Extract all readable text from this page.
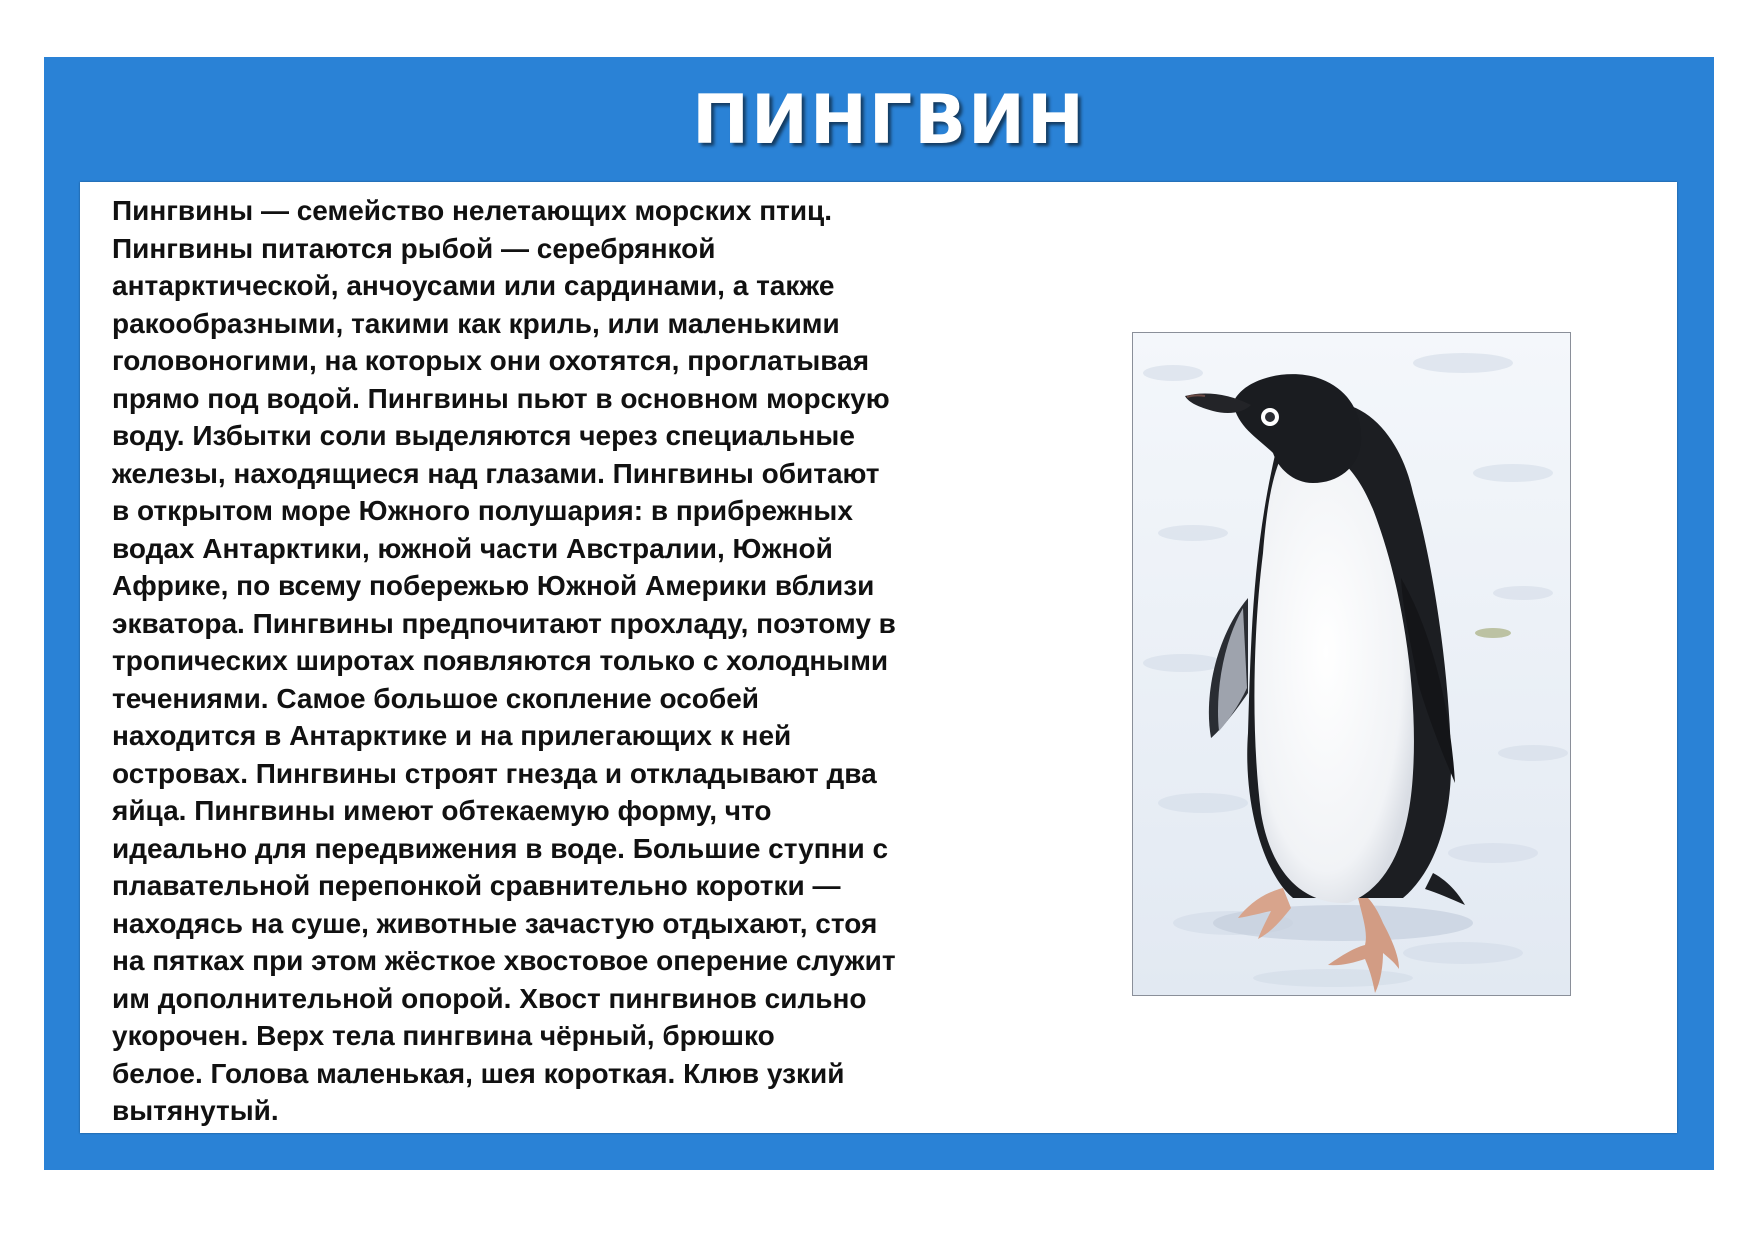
ПИНГВИН

Пингвины — семейство нелетающих морских птиц.
Пингвины питаются рыбой — серебрянкой
антарктической, анчоусами или сардинами, а также
ракообразными, такими как криль, или маленькими
головоногими, на которых они охотятся, проглатывая
прямо под водой. Пингвины пьют в основном морскую
воду. Избытки соли выделяются через специальные
железы, находящиеся над глазами. Пингвины обитают
в открытом море Южного полушария: в прибрежных
водах Антарктики, южной части Австралии, Южной
Африке, по всему побережью Южной Америки вблизи
экватора. Пингвины предпочитают прохладу, поэтому в
тропических широтах появляются только с холодными
течениями. Самое большое скопление особей
находится в Антарктике и на прилегающих к ней
островах. Пингвины строят гнезда и откладывают два
яйца. Пингвины имеют обтекаемую форму, что
идеально для передвижения в воде. Большие ступни с
плавательной перепонкой сравнительно коротки —
находясь на суше, животные зачастую отдыхают, стоя
на пятках при этом жёсткое хвостовое оперение служит
им дополнительной опорой. Хвост пингвинов сильно
укорочен. Верх тела пингвина чёрный, брюшко
белое. Голова маленькая, шея короткая. Клюв узкий
вытянутый.
